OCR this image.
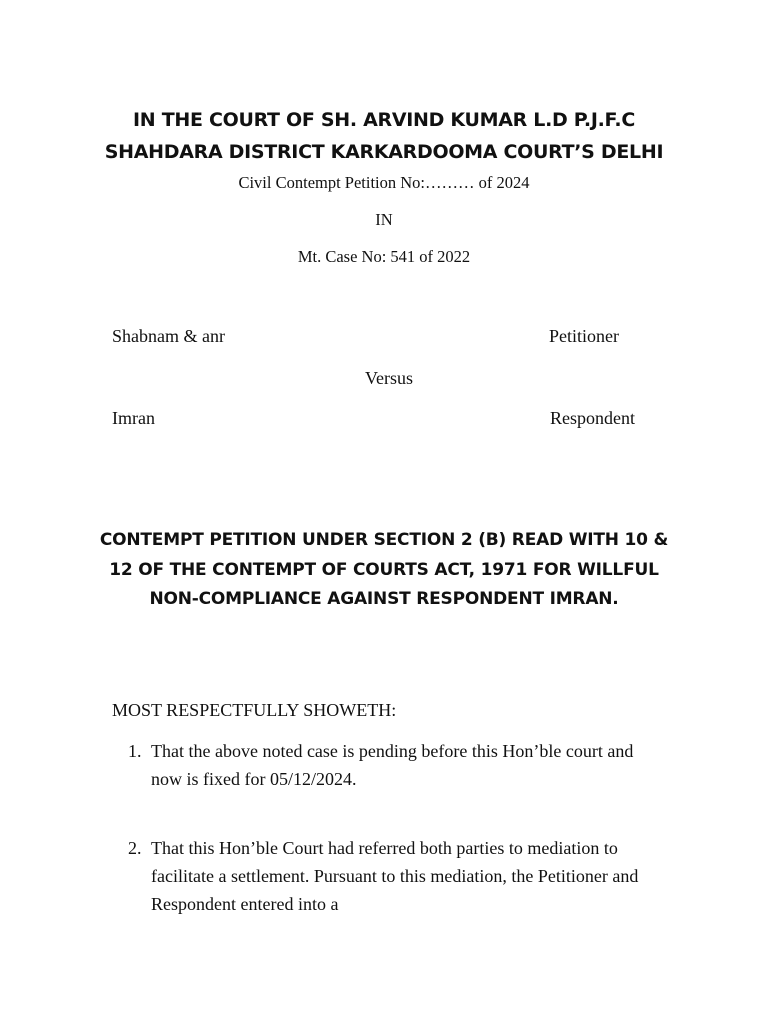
IN THE COURT OF SH. ARVIND KUMAR L.D P.J.F.C
SHAHDARA DISTRICT KARKARDOOMA COURT’S DELHI
Civil Contempt Petition No:……… of 2024
IN
Mt. Case No: 541 of 2022
Shabnam & anr	Petitioner
Versus
Imran	Respondent
CONTEMPT PETITION UNDER SECTION 2 (B) READ WITH 10 & 12 OF THE CONTEMPT OF COURTS ACT, 1971 FOR WILLFUL NON-COMPLIANCE AGAINST RESPONDENT IMRAN.
MOST RESPECTFULLY SHOWETH:
1. That the above noted case is pending before this Hon’ble court and now is fixed for 05/12/2024.
2. That this Hon’ble Court had referred both parties to mediation to facilitate a settlement. Pursuant to this mediation, the Petitioner and Respondent entered into a
